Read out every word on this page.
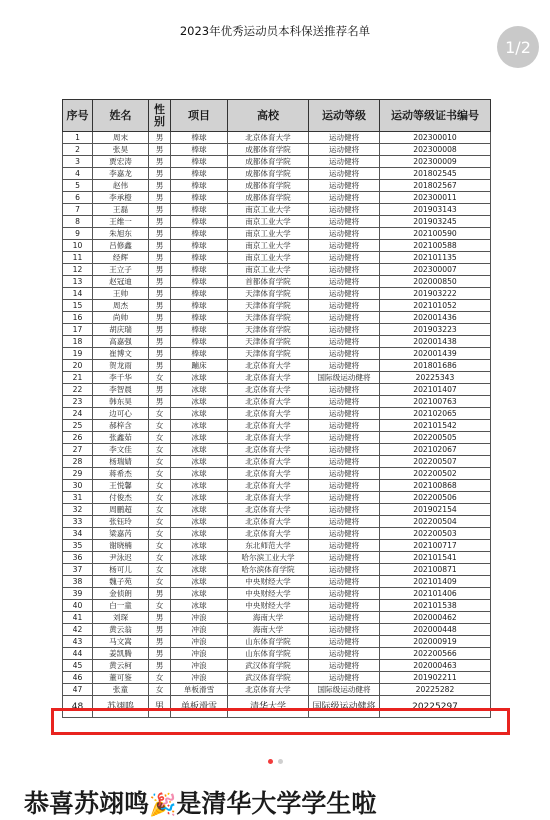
2023年优秀运动员本科保送推荐名单
1/2
序号	姓名	性别	项目	高校	运动等级	运动等级证书编号
1	周末	男	棒球	北京体育大学	运动健将	202300010
2	张昊	男	棒球	成都体育学院	运动健将	202300008
3	贾宏涛	男	棒球	成都体育学院	运动健将	202300009
4	李嘉龙	男	棒球	成都体育学院	运动健将	201802545
5	赵伟	男	棒球	成都体育学院	运动健将	201802567
6	李承橙	男	棒球	成都体育学院	运动健将	202300011
7	王磊	男	棒球	南京工业大学	运动健将	201903143
8	王维一	男	棒球	南京工业大学	运动健将	201903245
9	朱旭东	男	棒球	南京工业大学	运动健将	202100590
10	吕修鑫	男	棒球	南京工业大学	运动健将	202100588
11	经辉	男	棒球	南京工业大学	运动健将	202101135
12	王立子	男	棒球	南京工业大学	运动健将	202300007
13	赵冠迪	男	棒球	首都体育学院	运动健将	202000850
14	王帅	男	棒球	天津体育学院	运动健将	201903222
15	周杰	男	棒球	天津体育学院	运动健将	202101052
16	尚帅	男	棒球	天津体育学院	运动健将	202001436
17	胡庆瑞	男	棒球	天津体育学院	运动健将	201903223
18	高嘉强	男	棒球	天津体育学院	运动健将	202001438
19	崔博文	男	棒球	天津体育学院	运动健将	202001439
20	贺龙雨	男	蹦床	北京体育大学	运动健将	201801686
21	李千华	女	冰球	北京体育大学	国际级运动健将	20225343
22	李智晨	男	冰球	北京体育大学	运动健将	202101407
23	韩东昊	男	冰球	北京体育大学	运动健将	202100763
24	边可心	女	冰球	北京体育大学	运动健将	202102065
25	郝梓含	女	冰球	北京体育大学	运动健将	202101542
26	张鑫茹	女	冰球	北京体育大学	运动健将	202200505
27	李文佳	女	冰球	北京体育大学	运动健将	202102067
28	杨瑞婧	女	冰球	北京体育大学	运动健将	202200507
29	蒋希杰	女	冰球	北京体育大学	运动健将	202200502
30	王悦馨	女	冰球	北京体育大学	运动健将	202100868
31	付俊杰	女	冰球	北京体育大学	运动健将	202200506
32	周鹏超	女	冰球	北京体育大学	运动健将	201902154
33	张钰玲	女	冰球	北京体育大学	运动健将	202200504
34	梁嘉芮	女	冰球	北京体育大学	运动健将	202200503
35	谢晓楠	女	冰球	东北师范大学	运动健将	202100717
36	尹泳迟	女	冰球	哈尔滨工业大学	运动健将	202101541
37	杨可儿	女	冰球	哈尔滨体育学院	运动健将	202100871
38	魏子苑	女	冰球	中央财经大学	运动健将	202101409
39	金侦朗	男	冰球	中央财经大学	运动健将	202101406
40	白一童	女	冰球	中央财经大学	运动健将	202101538
41	刘琛	男	冲浪	海南大学	运动健将	202000462
42	黄云翁	男	冲浪	海南大学	运动健将	202000448
43	马文嵩	男	冲浪	山东体育学院	运动健将	202000919
44	姜凯腾	男	冲浪	山东体育学院	运动健将	202200566
45	黄云柯	男	冲浪	武汉体育学院	运动健将	202000463
46	董可鉴	女	冲浪	武汉体育学院	运动健将	201902211
47	张童	女	单板滑雪	北京体育大学	国际级运动健将	20225282
48	苏翊鸣	男	单板滑雪	清华大学	国际级运动健将	20225297
恭喜苏翊鸣🎉是清华大学学生啦
